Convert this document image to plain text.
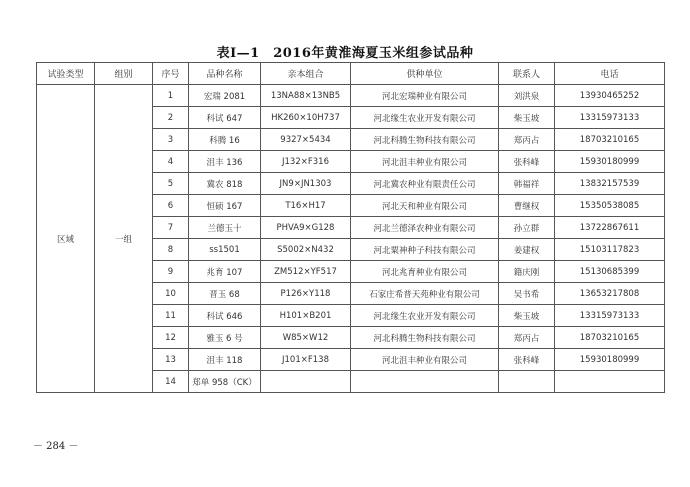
表Ⅰ—1　2016年黄淮海夏玉米组参试品种
试验类型	组别	序号	品种名称	亲本组合	供种单位	联系人	电话
区域	一组	1	宏瑞 2081	13NA88×13NB5	河北宏瑞种业有限公司	刘洪泉	13930465252
		2	科试 647	HK260×10H737	河北缘生农业开发有限公司	柴玉坡	13315973133
		3	科腾 16	9327×5434	河北科腾生物科技有限公司	郑丙占	18703210165
		4	沮丰 136	J132×F316	河北沮丰种业有限公司	张科峰	15930180999
		5	冀农 818	JN9×JN1303	河北冀农种业有限责任公司	韩福祥	13832157539
		6	恒硕 167	T16×H17	河北天和种业有限公司	曹继权	15350538085
		7	兰德玉十	PHVA9×G128	河北兰德泽农种业有限公司	孙立群	13722867611
		8	ss1501	S5002×N432	河北粟神种子科技有限公司	姜建权	15103117823
		9	兆育 107	ZM512×YF517	河北兆育种业有限公司	籍庆刚	15130685399
		10	晋玉 68	P126×Y118	石家庄希普天苑种业有限公司	吴书希	13653217808
		11	科试 646	H101×B201	河北缘生农业开发有限公司	柴玉坡	13315973133
		12	雅玉 6 号	W85×W12	河北科腾生物科技有限公司	郑丙占	18703210165
		13	沮丰 118	J101×F138	河北沮丰种业有限公司	张科峰	15930180999
		14	郑单 958（CK）				
－ 284 －
